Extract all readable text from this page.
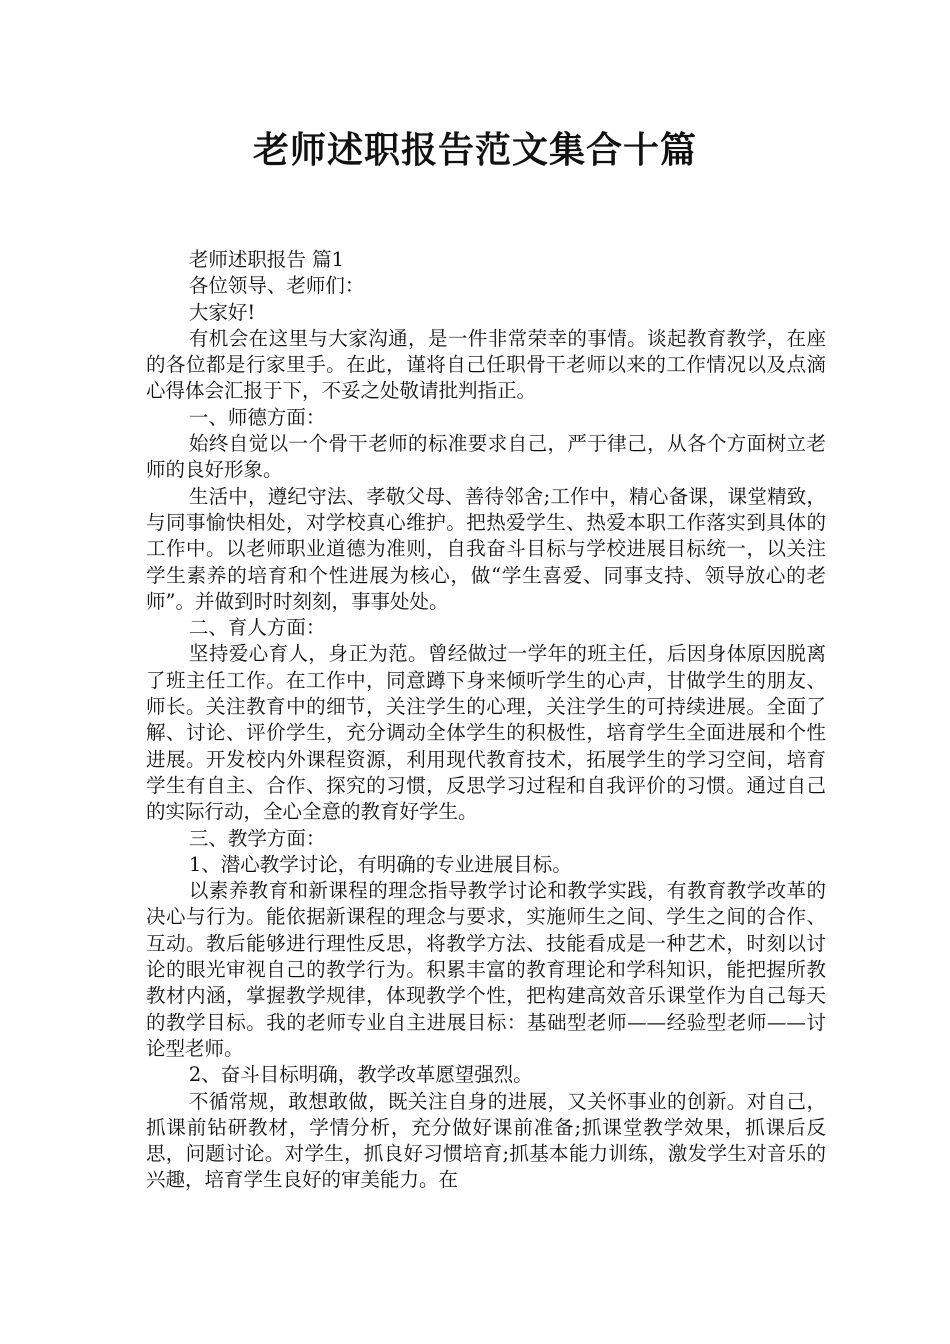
老师述职报告范文集合十篇

老师述职报告 篇1

各位领导、老师们：

大家好!

有机会在这里与大家沟通，是一件非常荣幸的事情。谈起教育教学，在座的各位都是行家里手。在此，谨将自己任职骨干老师以来的工作情况以及点滴心得体会汇报于下，不妥之处敬请批判指正。

一、师德方面：

始终自觉以一个骨干老师的标准要求自己，严于律己，从各个方面树立老师的良好形象。

生活中，遵纪守法、孝敬父母、善待邻舍;工作中，精心备课，课堂精致，与同事愉快相处，对学校真心维护。把热爱学生、热爱本职工作落实到具体的工作中。以老师职业道德为准则，自我奋斗目标与学校进展目标统一，以关注学生素养的培育和个性进展为核心，做“学生喜爱、同事支持、领导放心的老师”。并做到时时刻刻，事事处处。

二、育人方面：

坚持爱心育人，身正为范。曾经做过一学年的班主任，后因身体原因脱离了班主任工作。在工作中，同意蹲下身来倾听学生的心声，甘做学生的朋友、师长。关注教育中的细节，关注学生的心理，关注学生的可持续进展。全面了解、讨论、评价学生，充分调动全体学生的积极性，培育学生全面进展和个性进展。开发校内外课程资源，利用现代教育技术，拓展学生的学习空间，培育学生有自主、合作、探究的习惯，反思学习过程和自我评价的习惯。通过自己的实际行动，全心全意的教育好学生。

三、教学方面：

1、潜心教学讨论，有明确的专业进展目标。

以素养教育和新课程的理念指导教学讨论和教学实践，有教育教学改革的决心与行为。能依据新课程的理念与要求，实施师生之间、学生之间的合作、互动。教后能够进行理性反思，将教学方法、技能看成是一种艺术，时刻以讨论的眼光审视自己的教学行为。积累丰富的教育理论和学科知识，能把握所教教材内涵，掌握教学规律，体现教学个性，把构建高效音乐课堂作为自己每天的教学目标。我的老师专业自主进展目标：基础型老师——经验型老师——讨论型老师。

2、奋斗目标明确，教学改革愿望强烈。

不循常规，敢想敢做，既关注自身的进展，又关怀事业的创新。对自己，抓课前钻研教材，学情分析，充分做好课前准备;抓课堂教学效果，抓课后反思，问题讨论。对学生，抓良好习惯培育;抓基本能力训练，激发学生对音乐的兴趣，培育学生良好的审美能力。在
